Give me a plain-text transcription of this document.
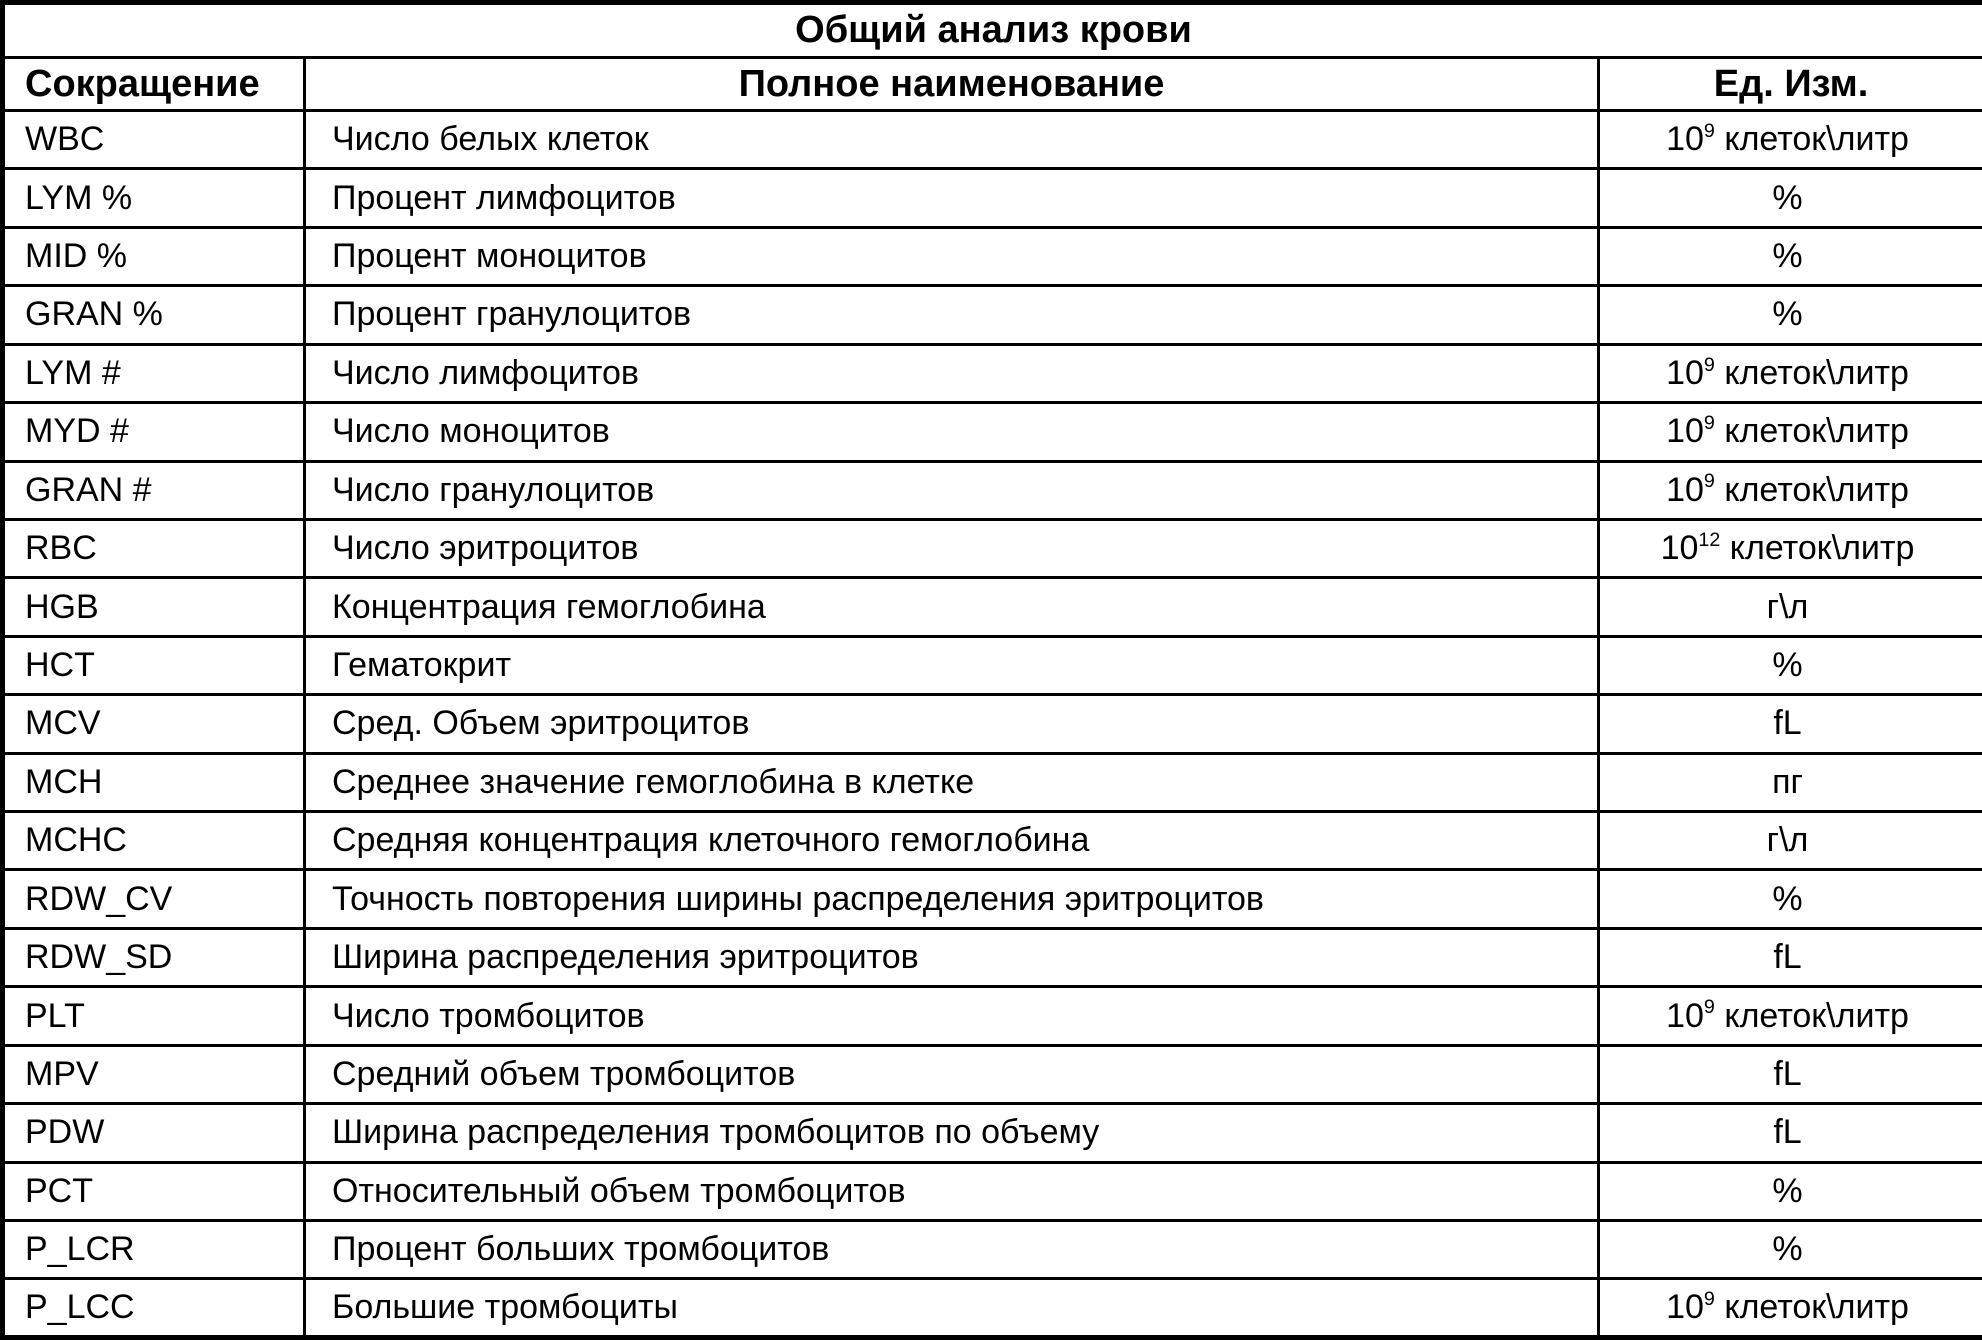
Общий анализ крови		
Сокращение	Полное наименование	Ед. Изм.
WBC	Число белых клеток	$10^9$ клеток\литр
LYM %	Процент лимфоцитов	%
MID %	Процент моноцитов	%
GRAN %	Процент гранулоцитов	%
LYM #	Число лимфоцитов	$10^9$ клеток\литр
MYD #	Число моноцитов	$10^9$ клеток\литр
GRAN #	Число гранулоцитов	$10^9$ клеток\литр
RBC	Число эритроцитов	$10^{12}$ клеток\литр
HGB	Концентрация гемоглобина	г\л
HCT	Гематокрит	%
MCV	Сред. Объем эритроцитов	fL
MCH	Среднее значение гемоглобина в клетке	пг
MCHC	Средняя концентрация клеточного гемоглобина	г\л
RDW_CV	Точность повторения ширины распределения эритроцитов	%
RDW_SD	Ширина распределения эритроцитов	fL
PLT	Число тромбоцитов	$10^9$ клеток\литр
MPV	Средний объем тромбоцитов	fL
PDW	Ширина распределения тромбоцитов по объему	fL
PCT	Относительный объем тромбоцитов	%
P_LCR	Процент больших тромбоцитов	%
P_LCC	Большие тромбоциты	$10^9$ клеток\литр
